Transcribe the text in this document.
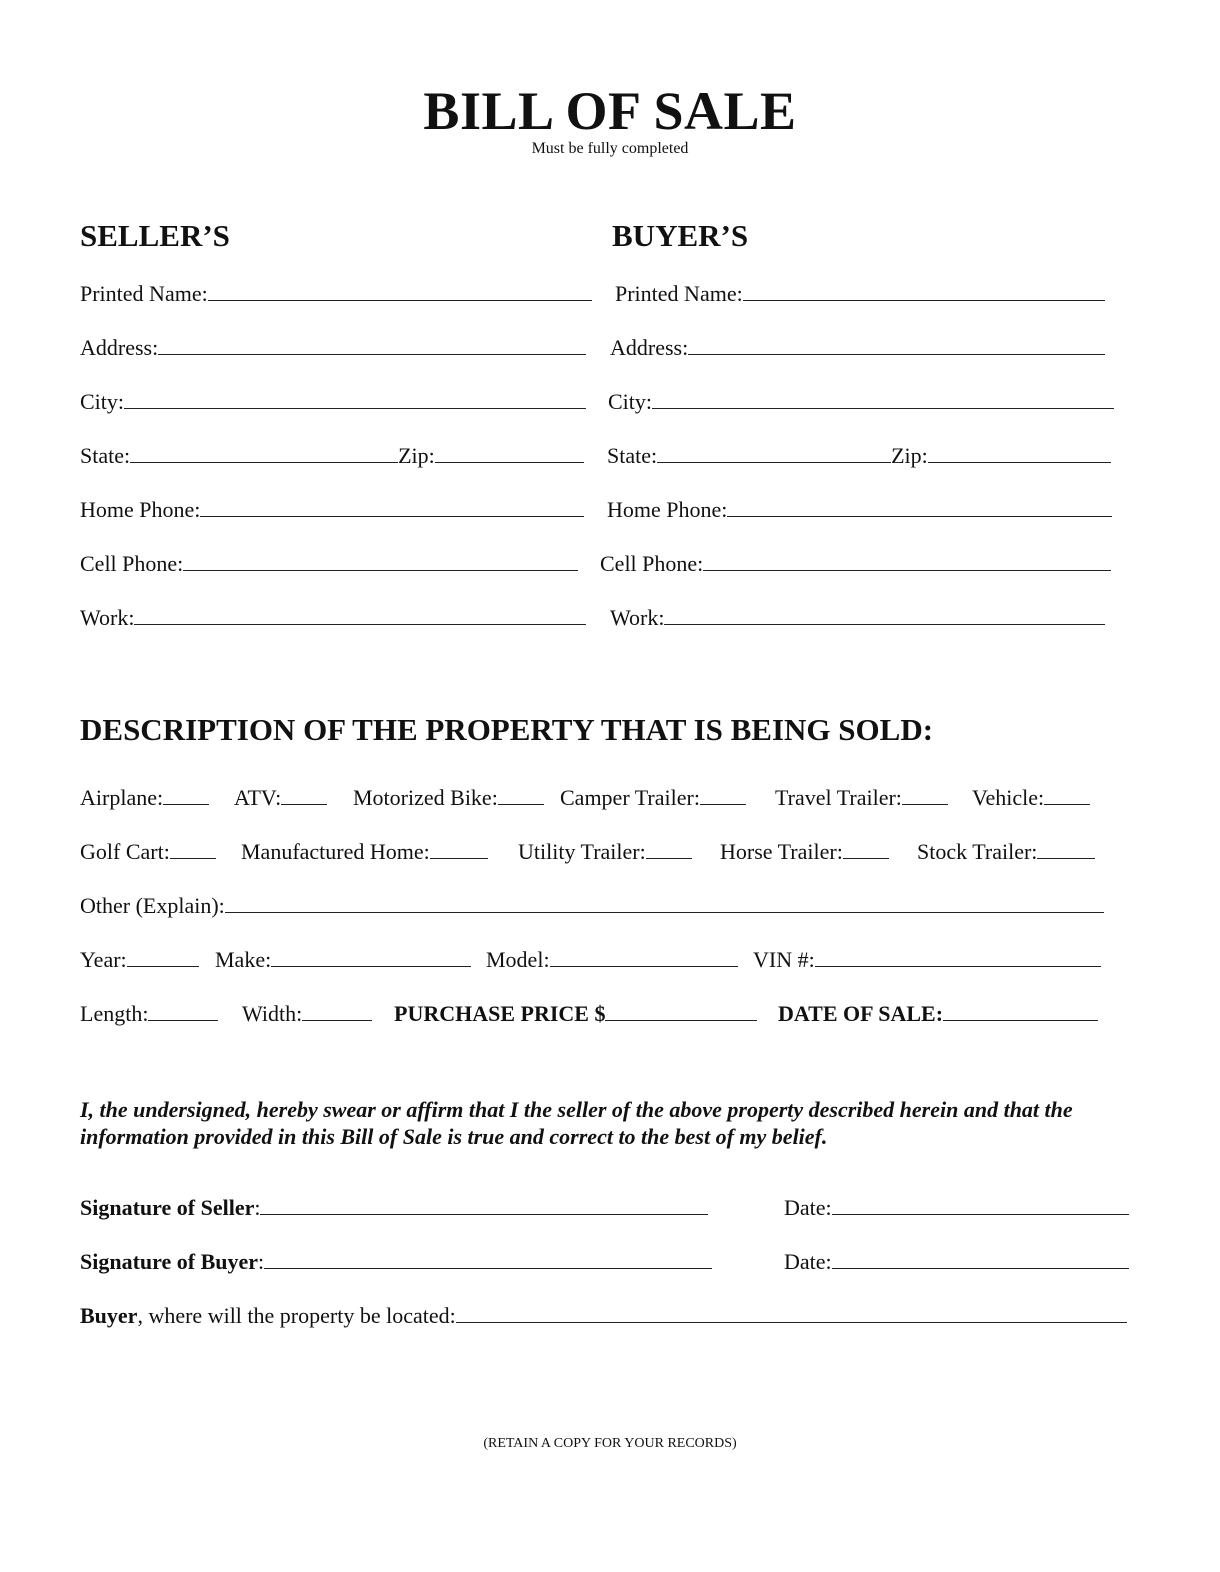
BILL OF SALE
Must be fully completed
SELLER’S
Printed Name:
Address:
City:
State:	Zip:
Home Phone:
Cell Phone:
Work:
BUYER’S
Printed Name:
Address:
City:
State:	Zip:
Home Phone:
Cell Phone:
Work:
DESCRIPTION OF THE PROPERTY THAT IS BEING SOLD:
Airplane:	ATV:	Motorized Bike:	Camper Trailer:	Travel Trailer:	Vehicle:
Golf Cart:	Manufactured Home:	Utility Trailer:	Horse Trailer:	Stock Trailer:
Other (Explain):
Year:	Make:	Model:	VIN #:
Length:	Width:	PURCHASE PRICE $	DATE OF SALE:
I, the undersigned, hereby swear or affirm that I the seller of the above property described herein and that the information provided in this Bill of Sale is true and correct to the best of my belief.
Signature of Seller :	Date:
Signature of Buyer :	Date:
Buyer , where will the property be located:
(RETAIN A COPY FOR YOUR RECORDS)
